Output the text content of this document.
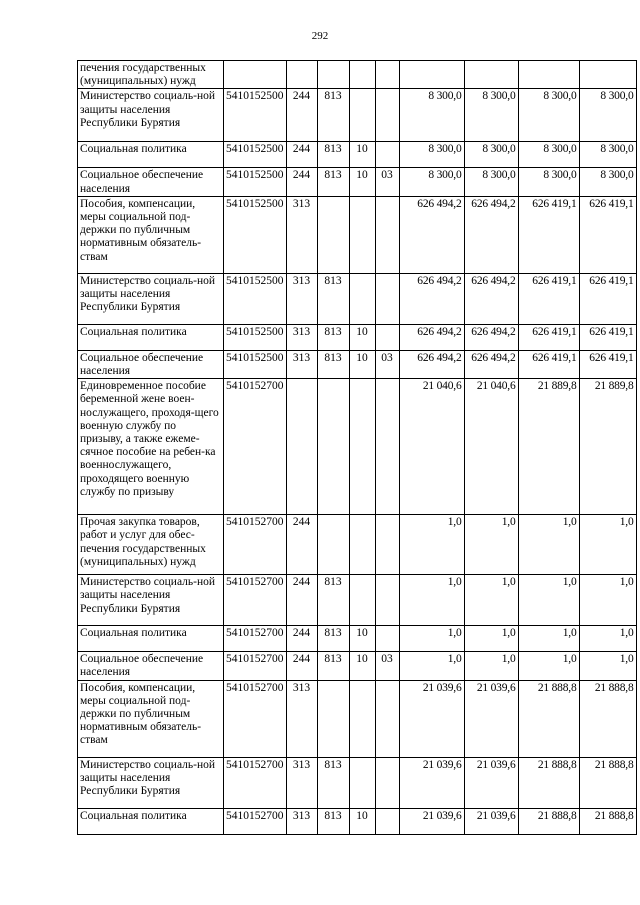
292
печения государственных (муниципальных) нужд									
Министерство социаль-ной защиты населения Республики Бурятия	5410152500	244	813			8 300,0	8 300,0	8 300,0	8 300,0
Социальная политика	5410152500	244	813	10		8 300,0	8 300,0	8 300,0	8 300,0
Социальное обеспечение населения	5410152500	244	813	10	03	8 300,0	8 300,0	8 300,0	8 300,0
Пособия, компенсации, меры социальной под-держки по публичным нормативным обязатель-ствам	5410152500	313				626 494,2	626 494,2	626 419,1	626 419,1
Министерство социаль-ной защиты населения Республики Бурятия	5410152500	313	813			626 494,2	626 494,2	626 419,1	626 419,1
Социальная политика	5410152500	313	813	10		626 494,2	626 494,2	626 419,1	626 419,1
Социальное обеспечение населения	5410152500	313	813	10	03	626 494,2	626 494,2	626 419,1	626 419,1
Единовременное пособие беременной жене воен-нослужащего, проходя-щего военную службу по призыву, а также ежеме-сячное пособие на ребен-ка военнослужащего, проходящего военную службу по призыву	5410152700					21 040,6	21 040,6	21 889,8	21 889,8
Прочая закупка товаров, работ и услуг для обес-печения государственных (муниципальных) нужд	5410152700	244				1,0	1,0	1,0	1,0
Министерство социаль-ной защиты населения Республики Бурятия	5410152700	244	813			1,0	1,0	1,0	1,0
Социальная политика	5410152700	244	813	10		1,0	1,0	1,0	1,0
Социальное обеспечение населения	5410152700	244	813	10	03	1,0	1,0	1,0	1,0
Пособия, компенсации, меры социальной под-держки по публичным нормативным обязатель-ствам	5410152700	313				21 039,6	21 039,6	21 888,8	21 888,8
Министерство социаль-ной защиты населения Республики Бурятия	5410152700	313	813			21 039,6	21 039,6	21 888,8	21 888,8
Социальная политика	5410152700	313	813	10		21 039,6	21 039,6	21 888,8	21 888,8
